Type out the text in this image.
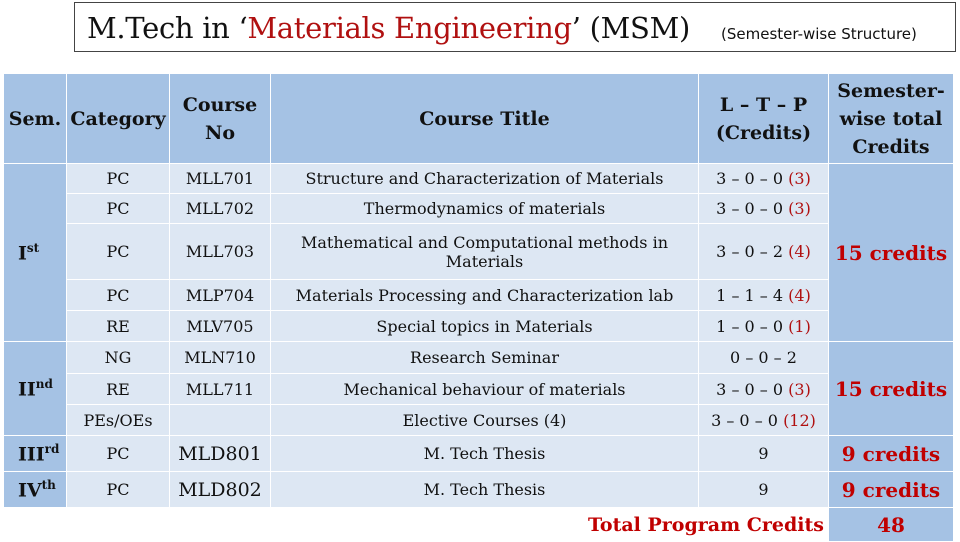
M.Tech in ‘Materials Engineering’ (MSM) (Semester-wise Structure)
Sem.	Category	Course No	Course Title	L – T – P (Credits)	Semester-wise total Credits
Ist	PC	MLL701	Structure and Characterization of Materials	3 – 0 – 0 (3)	15 credits
	PC	MLL702	Thermodynamics of materials	3 – 0 – 0 (3)	
	PC	MLL703	Mathematical and Computational methods in Materials	3 – 0 – 2 (4)	
	PC	MLP704	Materials Processing and Characterization lab	1 – 1 – 4 (4)	
	RE	MLV705	Special topics in Materials	1 – 0 – 0 (1)	
IInd	NG	MLN710	Research Seminar	0 – 0 – 2	15 credits
	RE	MLL711	Mechanical behaviour of materials	3 – 0 – 0 (3)	
	PEs/OEs		Elective Courses (4)	3 – 0 – 0 (12)	
IIIrd	PC	MLD801	M. Tech Thesis	9	9 credits
IVth	PC	MLD802	M. Tech Thesis	9	9 credits
Total Program Credits					48
